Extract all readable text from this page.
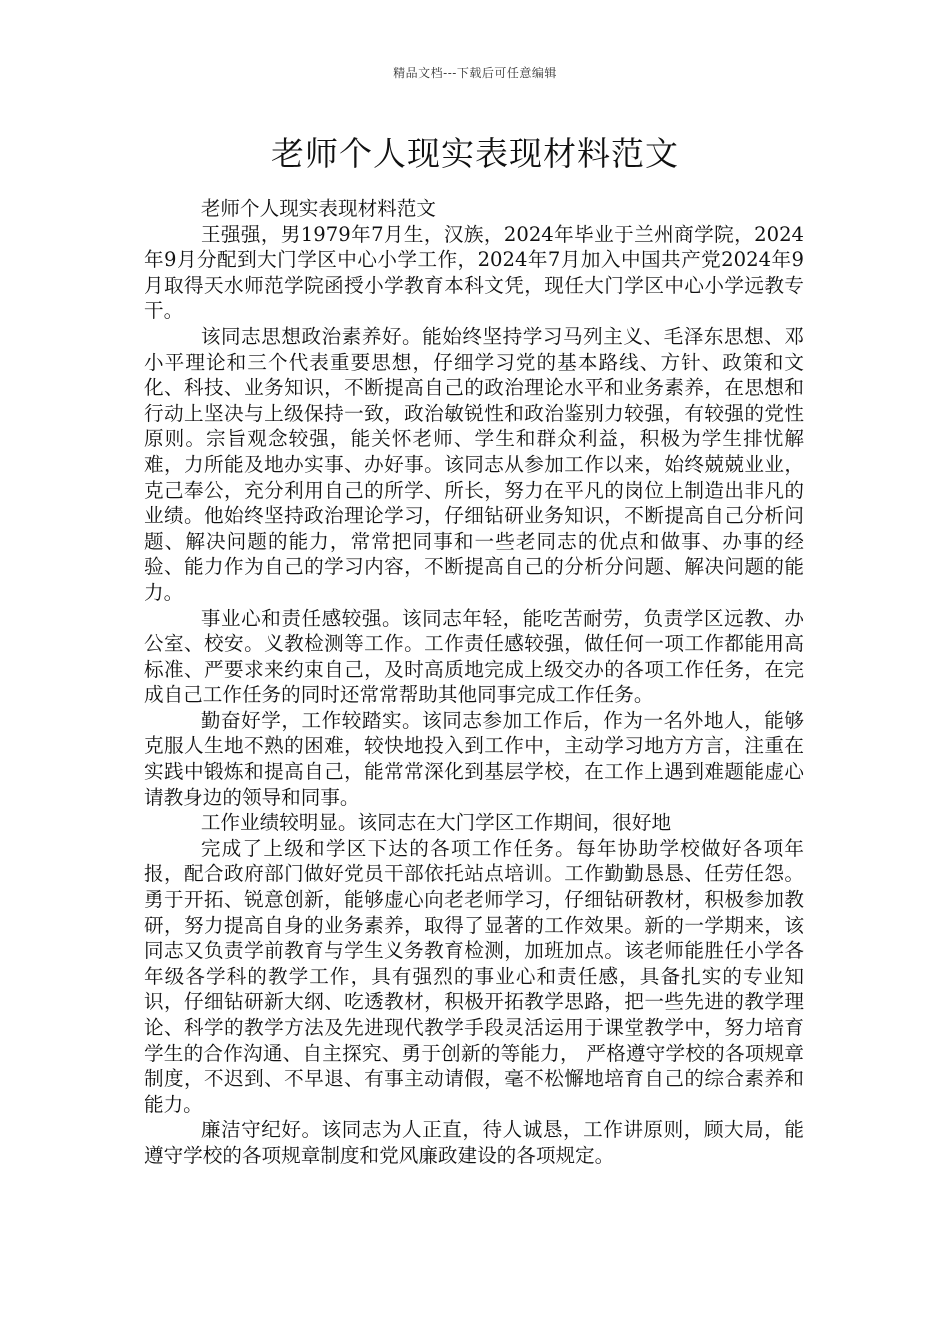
精品文档---下载后可任意编辑
老师个人现实表现材料范文

老师个人现实表现材料范文

王强强，男1979年7月生，汉族，2024年毕业于兰州商学院，2024年9月分配到大门学区中心小学工作，2024年7月加入中国共产党2024年9月取得天水师范学院函授小学教育本科文凭，现任大门学区中心小学远教专干。

该同志思想政治素养好。能始终坚持学习马列主义、毛泽东思想、邓小平理论和三个代表重要思想，仔细学习党的基本路线、方针、政策和文化、科技、业务知识，不断提高自己的政治理论水平和业务素养，在思想和行动上坚决与上级保持一致，政治敏锐性和政治鉴别力较强，有较强的党性原则。宗旨观念较强，能关怀老师、学生和群众利益，积极为学生排忧解难，力所能及地办实事、办好事。该同志从参加工作以来，始终兢兢业业，克己奉公，充分利用自己的所学、所长，努力在平凡的岗位上制造出非凡的业绩。他始终坚持政治理论学习，仔细钻研业务知识，不断提高自己分析问题、解决问题的能力，常常把同事和一些老同志的优点和做事、办事的经验、能力作为自己的学习内容，不断提高自己的分析分问题、解决问题的能力。

事业心和责任感较强。该同志年轻，能吃苦耐劳，负责学区远教、办公室、校安。义教检测等工作。工作责任感较强，做任何一项工作都能用高标准、严要求来约束自己，及时高质地完成上级交办的各项工作任务，在完成自己工作任务的同时还常常帮助其他同事完成工作任务。

勤奋好学，工作较踏实。该同志参加工作后，作为一名外地人，能够克服人生地不熟的困难，较快地投入到工作中，主动学习地方方言，注重在实践中锻炼和提高自己，能常常深化到基层学校，在工作上遇到难题能虚心请教身边的领导和同事。

工作业绩较明显。该同志在大门学区工作期间，很好地

完成了上级和学区下达的各项工作任务。每年协助学校做好各项年报，配合政府部门做好党员干部依托站点培训。工作勤勤恳恳、任劳任怨。勇于开拓、锐意创新，能够虚心向老老师学习，仔细钻研教材，积极参加教研，努力提高自身的业务素养，取得了显著的工作效果。新的一学期来，该同志又负责学前教育与学生义务教育检测，加班加点。该老师能胜任小学各年级各学科的教学工作，具有强烈的事业心和责任感，具备扎实的专业知识，仔细钻研新大纲、吃透教材，积极开拓教学思路，把一些先进的教学理论、科学的教学方法及先进现代教学手段灵活运用于课堂教学中，努力培育学生的合作沟通、自主探究、勇于创新的等能力， 严格遵守学校的各项规章制度，不迟到、不早退、有事主动请假，毫不松懈地培育自己的综合素养和能力。

廉洁守纪好。该同志为人正直，待人诚恳，工作讲原则，顾大局，能遵守学校的各项规章制度和党风廉政建设的各项规定。
